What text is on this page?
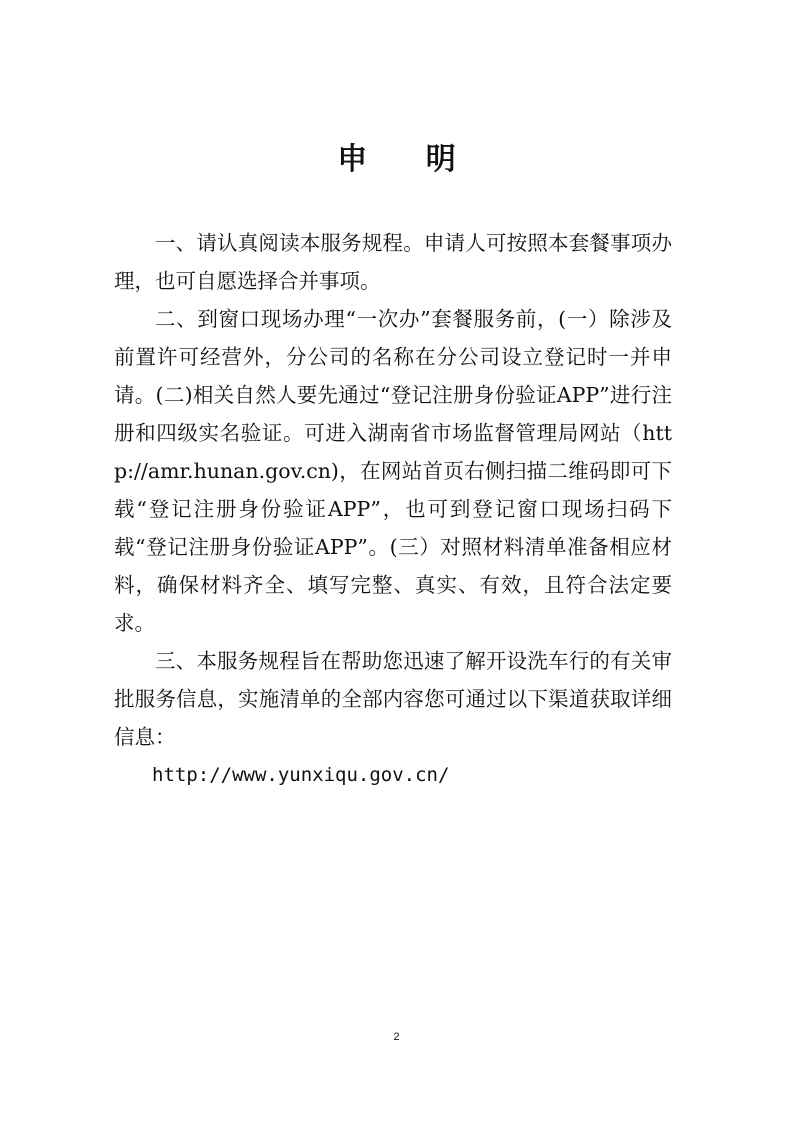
申 明

一、请认真阅读本服务规程。申请人可按照本套餐事项办理，也可自愿选择合并事项。

二、到窗口现场办理“一次办”套餐服务前，(一）除涉及前置许可经营外，分公司的名称在分公司设立登记时一并申请。(二)相关自然人要先通过“登记注册身份验证APP”进行注册和四级实名验证。可进入湖南省市场监督管理局网站（http://amr.hunan.gov.cn)，在网站首页右侧扫描二维码即可下载“登记注册身份验证APP”，也可到登记窗口现场扫码下载“登记注册身份验证APP”。(三）对照材料清单准备相应材料，确保材料齐全、填写完整、真实、有效，且符合法定要求。

三、本服务规程旨在帮助您迅速了解开设洗车行的有关审批服务信息，实施清单的全部内容您可通过以下渠道获取详细信息：

http://www.yunxiqu.gov.cn/

2
